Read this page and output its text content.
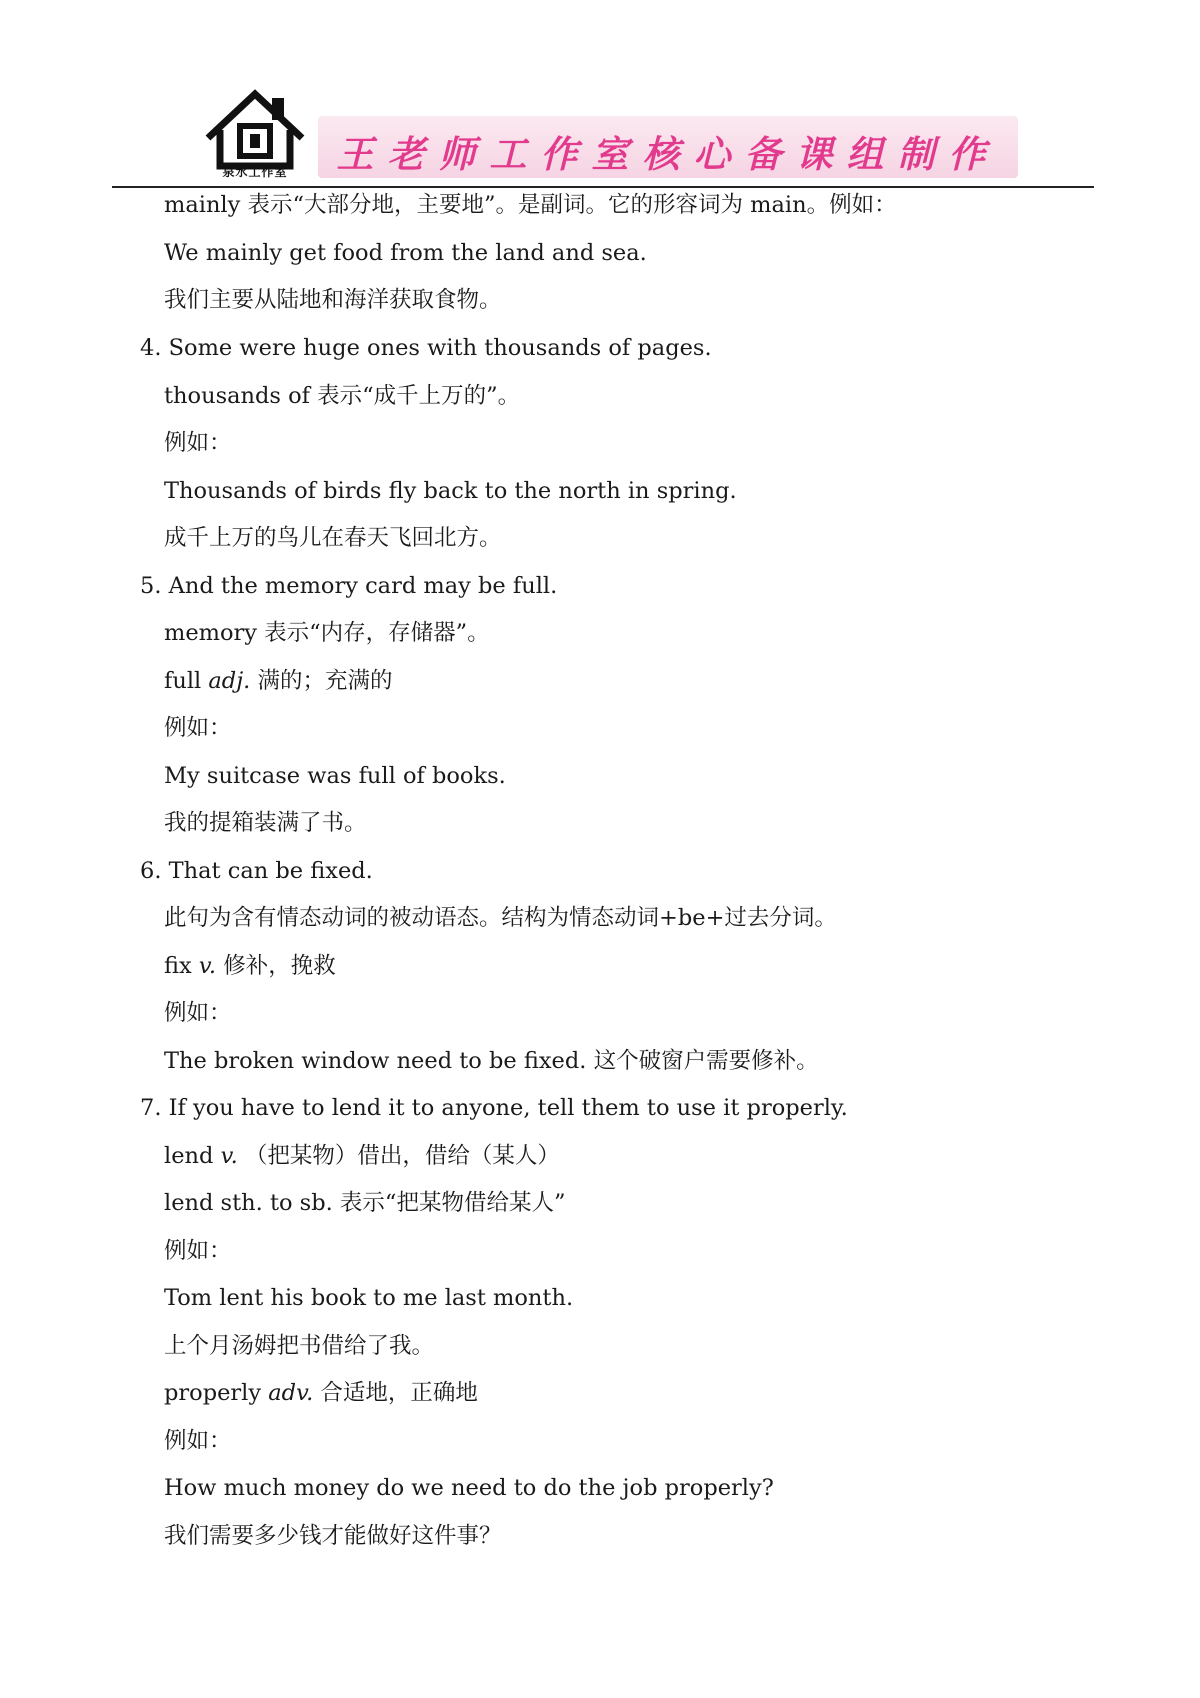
泉水工作室	王老师工作室核心备课组制作
mainly 表示“大部分地，主要地”。是副词。它的形容词为 main。例如：
We mainly get food from the land and sea.
我们主要从陆地和海洋获取食物。
4. Some were huge ones with thousands of pages.
thousands of 表示“成千上万的”。
例如：
Thousands of birds fly back to the north in spring.
成千上万的鸟儿在春天飞回北方。
5. And the memory card may be full.
memory 表示“内存，存储器”。
full adj. 满的；充满的
例如：
My suitcase was full of books.
我的提箱装满了书。
6. That can be fixed.
此句为含有情态动词的被动语态。结构为情态动词+be+过去分词。
fix v. 修补，挽救
例如：
The broken window need to be fixed. 这个破窗户需要修补。
7. If you have to lend it to anyone, tell them to use it properly.
lend v. （把某物）借出，借给（某人）
lend sth. to sb. 表示“把某物借给某人”
例如：
Tom lent his book to me last month.
上个月汤姆把书借给了我。
properly adv. 合适地，正确地
例如：
How much money do we need to do the job properly?
我们需要多少钱才能做好这件事？
